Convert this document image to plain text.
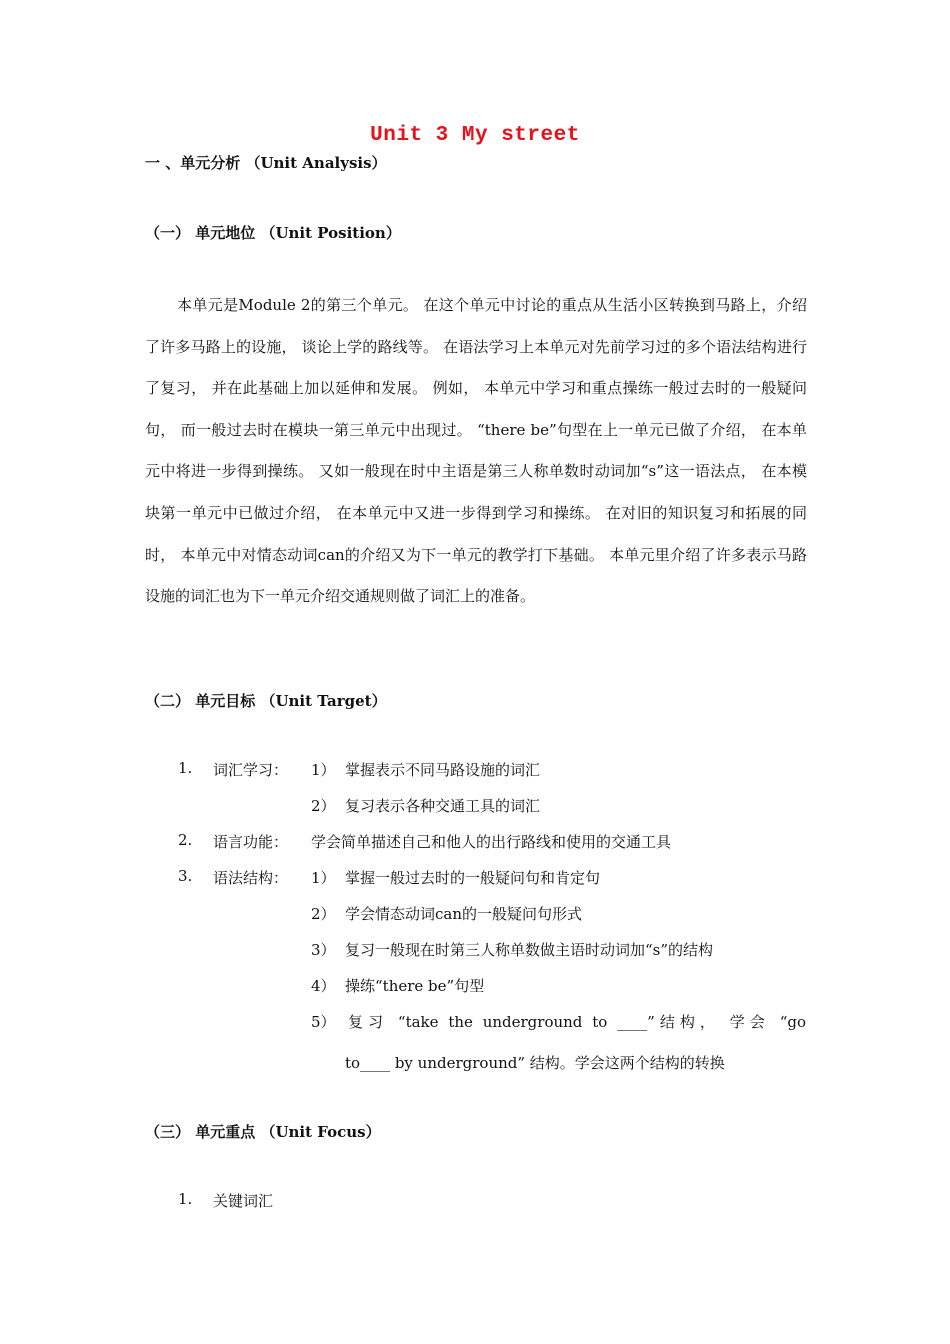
Unit 3 My street
一 、单元分析 （Unit Analysis）
（一） 单元地位 （Unit Position）

本单元是Module 2的第三个单元。 在这个单元中讨论的重点从生活小区转换到马路上，介绍了许多马路上的设施， 谈论上学的路线等。 在语法学习上本单元对先前学习过的多个语法结构进行了复习， 并在此基础上加以延伸和发展。 例如， 本单元中学习和重点操练一般过去时的一般疑问句， 而一般过去时在模块一第三单元中出现过。 “there be”句型在上一单元已做了介绍， 在本单元中将进一步得到操练。 又如一般现在时中主语是第三人称单数时动词加“s”这一语法点， 在本模块第一单元中已做过介绍， 在本单元中又进一步得到学习和操练。 在对旧的知识复习和拓展的同时， 本单元中对情态动词can的介绍又为下一单元的教学打下基础。 本单元里介绍了许多表示马路设施的词汇也为下一单元介绍交通规则做了词汇上的准备。

（二） 单元目标 （Unit Target）
1. 词汇学习： 1） 掌握表示不同马路设施的词汇
2） 复习表示各种交通工具的词汇
2. 语言功能： 学会简单描述自己和他人的出行路线和使用的交通工具
3. 语法结构： 1） 掌握一般过去时的一般疑问句和肯定句
2） 学会情态动词can的一般疑问句形式
3） 复习一般现在时第三人称单数做主语时动词加“s”的结构
4） 操练“there be”句型
5） 复习 “take the underground to ____”结构， 学会 “go
to____ by underground” 结构。学会这两个结构的转换
（三） 单元重点 （Unit Focus）
1. 关键词汇
